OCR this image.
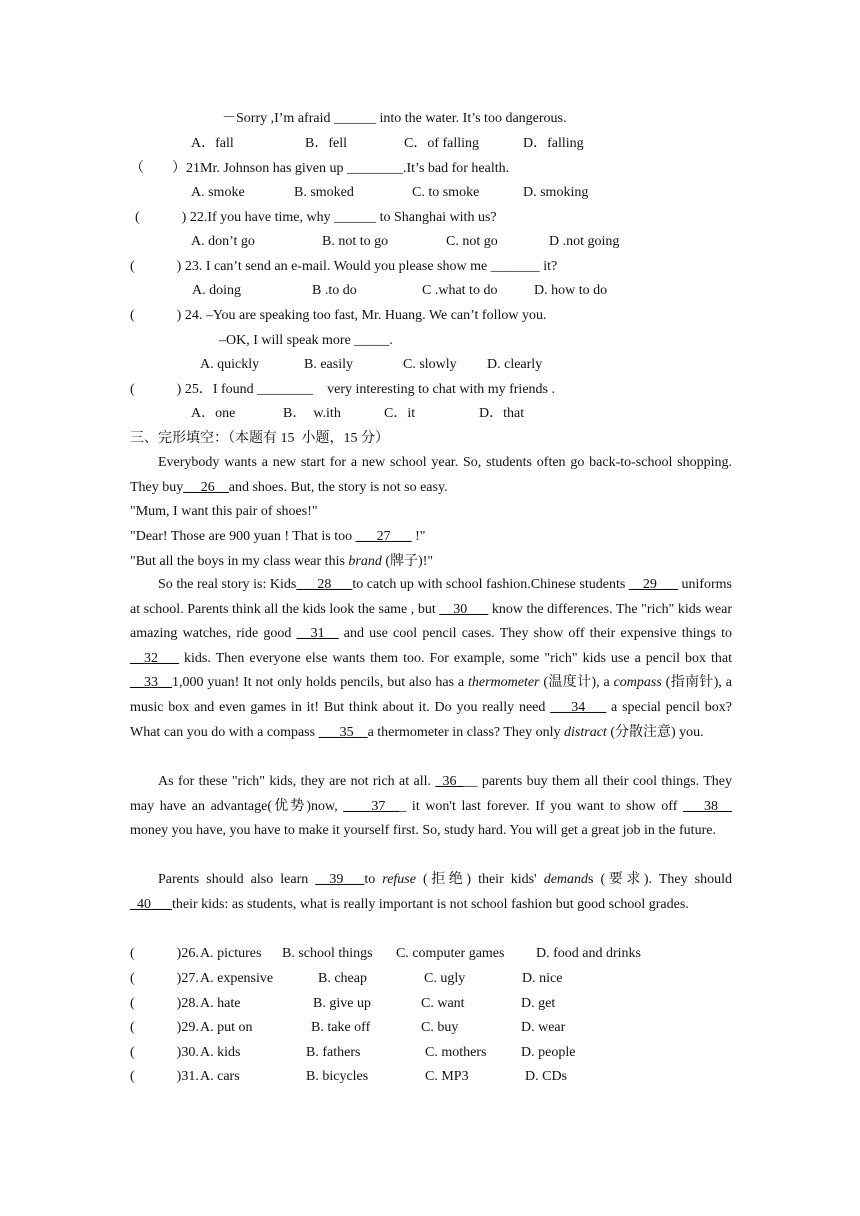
－Sorry ,I’m afraid ______ into the water. It’s too dangerous.
A．fall	B．fell	C．of falling	D．falling
（　　）21Mr. Johnson has given up ________.It’s bad for health.
A. smoke	B. smoked	C. to smoke	D. smoking
(　　　) 22.If you have time, why ______ to Shanghai with us?
A. don’t go	B. not to go	C. not go	D .not going
(　　　) 23. I can’t send an e-mail. Would you please show me _______ it?
A. doing	B .to do	C .what to do	D. how to do
(　　　) 24. –You are speaking too fast, Mr. Huang. We can’t follow you.
–OK, I will speak more _____.
A. quickly	B. easily	C. slowly D. clearly
(　　　) 25．I found ________    very interesting to chat with my friends .
A．one	B．  w.ith	C．it	D．that
三、完形填空：（本题有 15  小题，15 分）

Everybody wants a new start for a new school year. So, students often go back-to-school shopping. They buy__ 26__and shoes. But, the story is not so easy.

"Mum, I want this pair of shoes!"
"Dear! Those are 900 yuan ! That is too ___27___ !"
"But all the boys in my class wear this brand (牌子)!"

So the real story is: Kids___28___to catch up with school fashion.Chinese students __29___ uniforms at school. Parents think all the kids look the same , but __30___ know the differences. The "rich" kids wear amazing watches, ride good __31__ and use cool pencil cases. They show off their expensive things to __32___ kids. Then everyone else wants them too. For example, some "rich" kids use a pencil box that __33__1,000 yuan! It not only holds pencils, but also has a thermometer (温度计), a compass (指南针), a music box and even games in it! But think about it. Do you really need ___34___ a special pencil box? What can you do with a compass ___35__a thermometer in class? They only distract (分散注意) you.

As for these "rich" kids, they are not rich at all. _36___ parents buy them all their cool things. They may have an advantage(优势)now, ____37___ it won't last forever. If you want to show off ___38__ money you have, you have to make it yourself first. So, study hard. You will get a great job in the future.

Parents should also learn __39___to refuse (拒绝) their kids' demands (要求). They should _40___their kids: as students, what is really important is not school fashion but good school grades.

(　　　)26. A. pictures B. school things C. computer games D. food and drinks
(　　　)27. A. expensive	B. cheap	C. ugly	D. nice
(　　　)28. A. hate	B. give up	C. want	D. get
(　　　)29. A. put on	B. take off	C. buy	D. wear
(　　　)30. A. kids	B. fathers	C. mothers D. people
(　　　)31. A. cars	B. bicycles	C. MP3	D. CDs
